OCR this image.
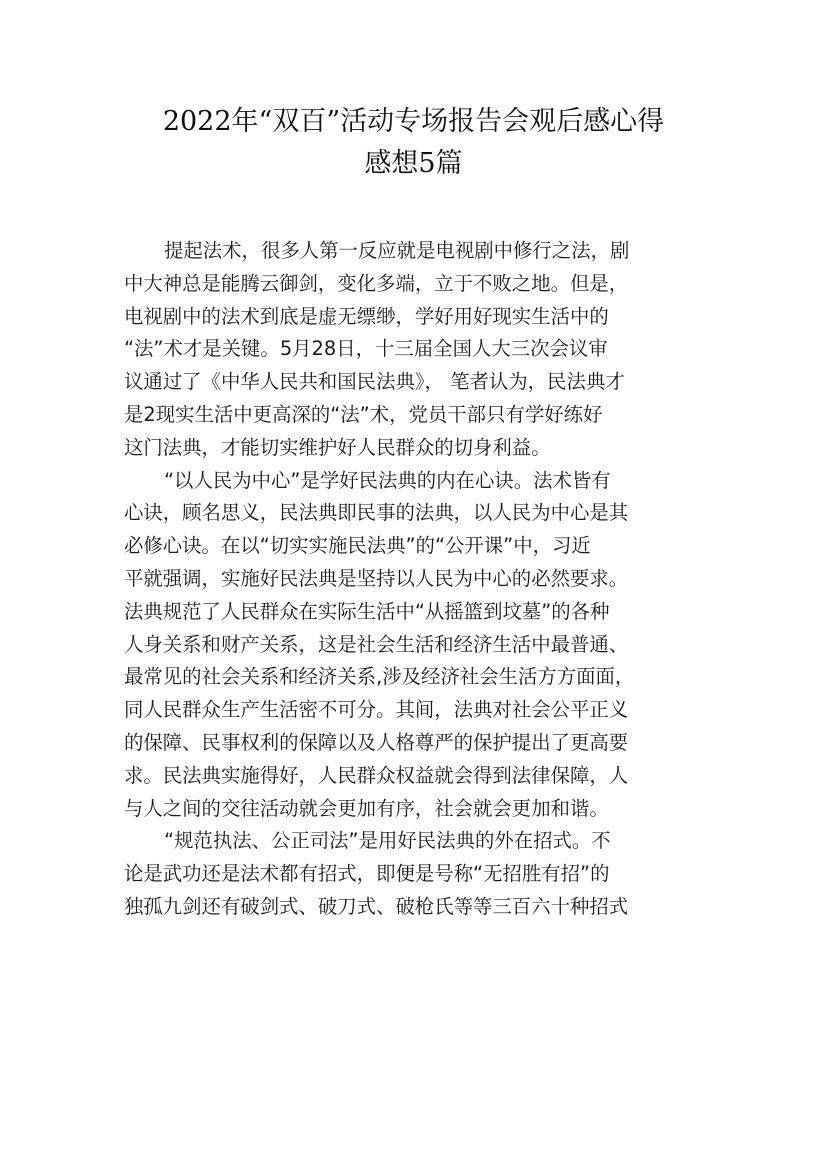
2022年“双百”活动专场报告会观后感心得
感想5篇
提起法术，很多人第一反应就是电视剧中修行之法，剧
中大神总是能腾云御剑，变化多端，立于不败之地。但是，
电视剧中的法术到底是虚无缥缈，学好用好现实生活中的
“法”术才是关键。5月28日，十三届全国人大三次会议审
议通过了《中华人民共和国民法典》， 笔者认为，民法典才
是2现实生活中更高深的“法”术，党员干部只有学好练好
这门法典，才能切实维护好人民群众的切身利益。
“以人民为中心”是学好民法典的内在心诀。法术皆有
心诀，顾名思义，民法典即民事的法典，以人民为中心是其
必修心诀。在以“切实实施民法典”的“公开课”中，习近
平就强调，实施好民法典是坚持以人民为中心的必然要求。
法典规范了人民群众在实际生活中“从摇篮到坟墓”的各种
人身关系和财产关系，这是社会生活和经济生活中最普通、
最常见的社会关系和经济关系,涉及经济社会生活方方面面，
同人民群众生产生活密不可分。其间，法典对社会公平正义
的保障、民事权利的保障以及人格尊严的保护提出了更高要
求。民法典实施得好，人民群众权益就会得到法律保障，人
与人之间的交往活动就会更加有序，社会就会更加和谐。
“规范执法、公正司法”是用好民法典的外在招式。不
论是武功还是法术都有招式，即便是号称“无招胜有招”的
独孤九剑还有破剑式、破刀式、破枪氏等等三百六十种招式
